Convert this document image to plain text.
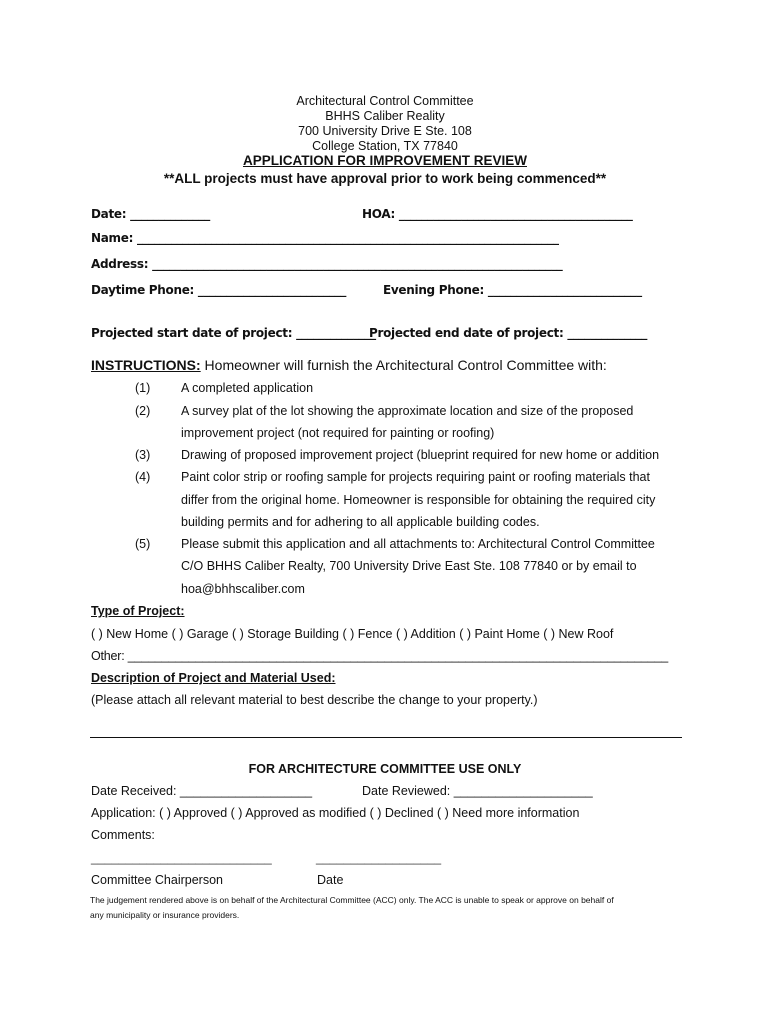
Architectural Control Committee
BHHS Caliber Reality
700 University Drive E Ste. 108
College Station, TX 77840
APPLICATION FOR IMPROVEMENT REVIEW
**ALL projects must have approval prior to work being commenced**
Date: ______________	HOA: _________________________________________
Name: __________________________________________________________________________
Address: ________________________________________________________________________
Daytime Phone: __________________________	Evening Phone: ___________________________
Projected start date of project: ______________
Projected end date of project: ______________
INSTRUCTIONS: Homeowner will furnish the Architectural Control Committee with:
(1) A completed application
(2) A survey plat of the lot showing the approximate location and size of the proposed
improvement project (not required for painting or roofing)
(3) Drawing of proposed improvement project (blueprint required for new home or addition
(4) Paint color strip or roofing sample for projects requiring paint or roofing materials that
differ from the original home. Homeowner is responsible for obtaining the required city
building permits and for adhering to all applicable building codes.
(5) Please submit this application and all attachments to: Architectural Control Committee
C/O BHHS Caliber Realty, 700 University Drive East Ste. 108 77840 or by email to
hoa@bhhscaliber.com
Type of Project:
( ) New Home ( ) Garage ( ) Storage Building ( ) Fence ( ) Addition ( ) Paint Home ( ) New Roof
Other: ________________________________________________________________________________
Description of Project and Material Used:
(Please attach all relevant material to best describe the change to your property.)
FOR ARCHITECTURE COMMITTEE USE ONLY
Date Received: ___________________	Date Reviewed: ____________________
Application: ( ) Approved ( ) Approved as modified ( ) Declined ( ) Need more information
Comments:
__________________________	__________________
Committee Chairperson	Date
The judgement rendered above is on behalf of the Architectural Committee (ACC) only. The ACC is unable to speak or approve on behalf of
any municipality or insurance providers.
